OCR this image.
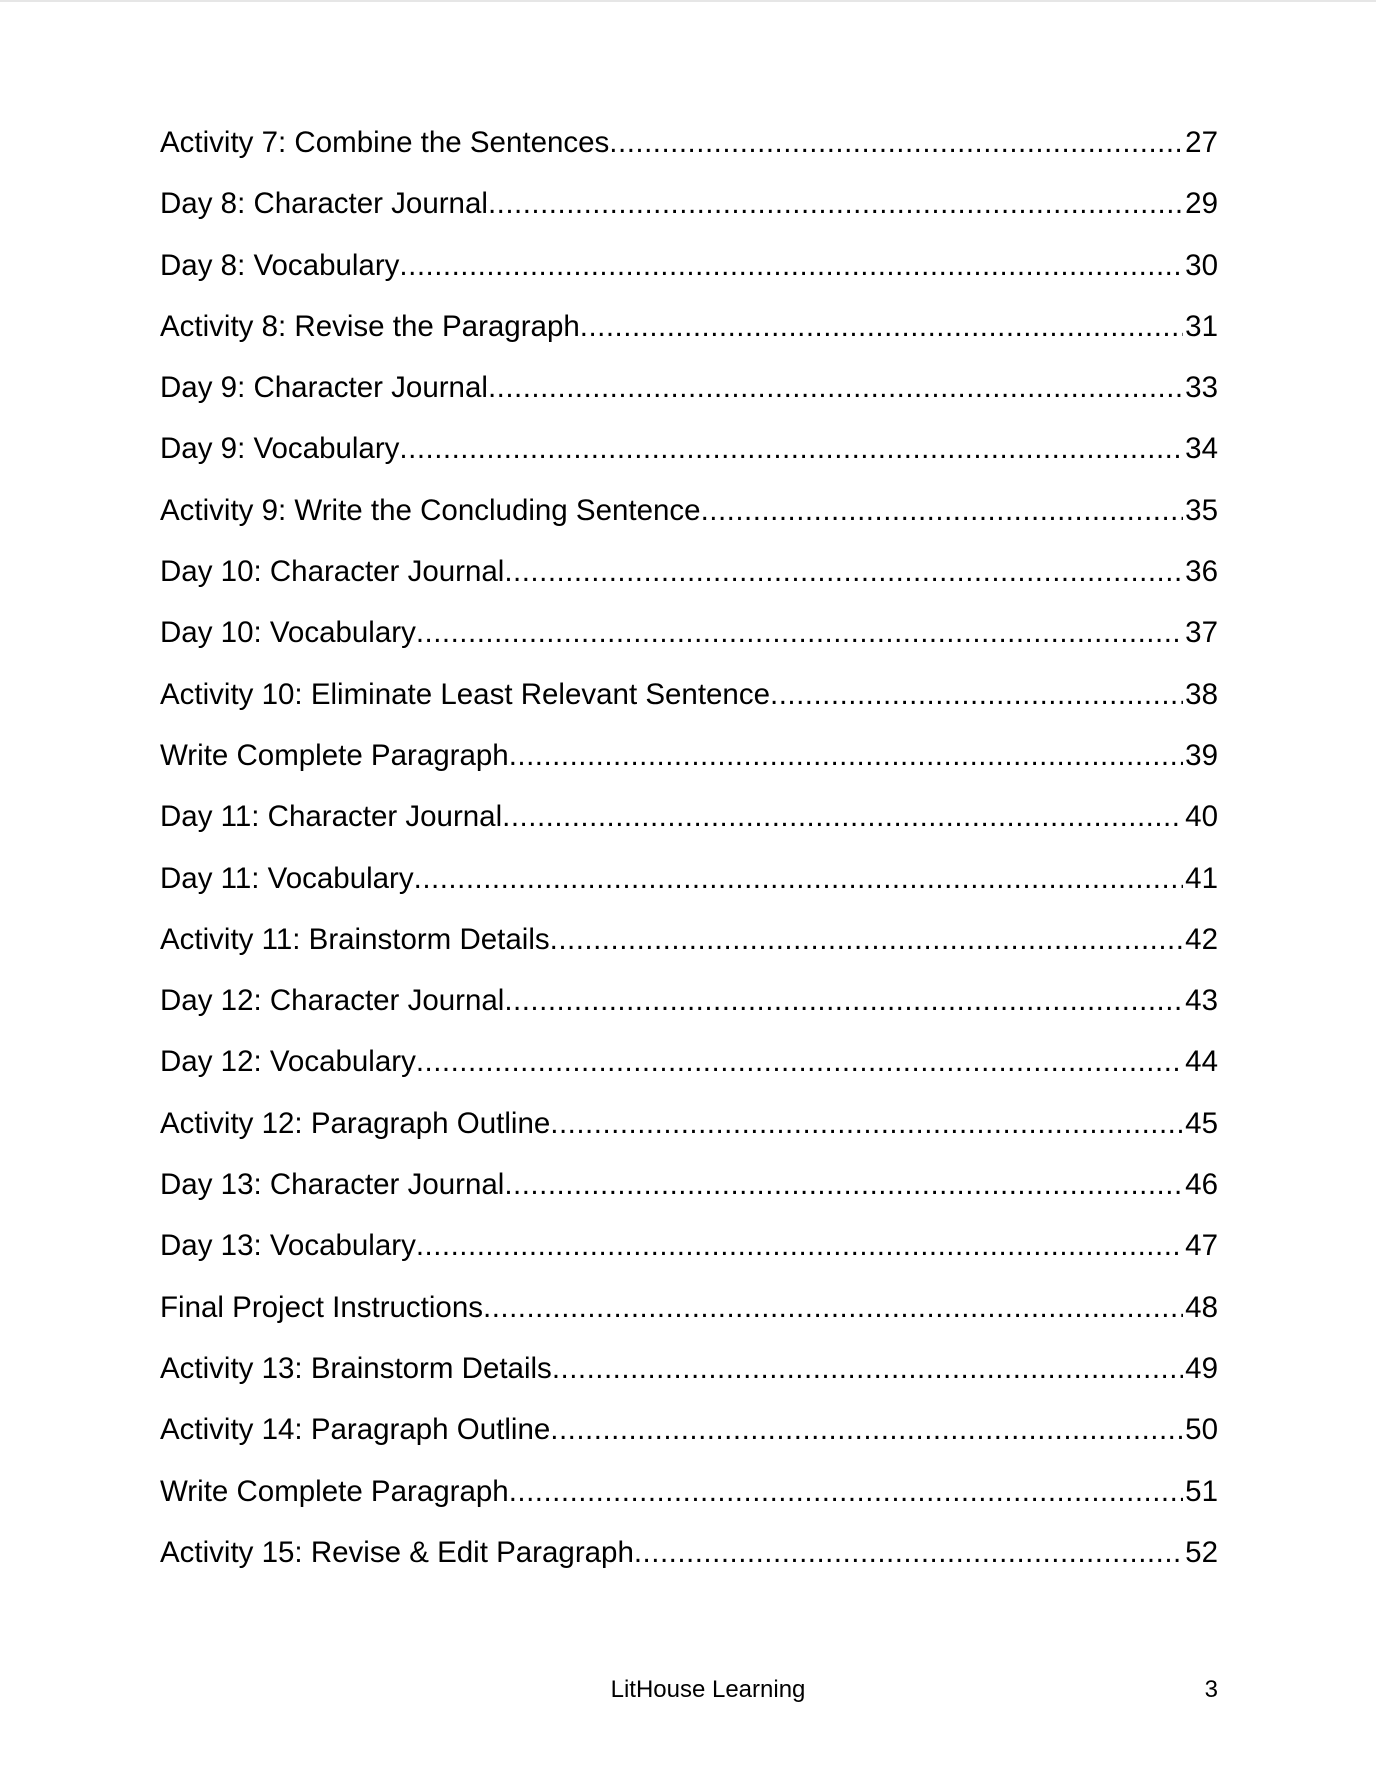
Activity 7: Combine the Sentences .....	27
Day 8: Character Journal .....	29
Day 8: Vocabulary .....	30
Activity 8: Revise the Paragraph .....	31
Day 9: Character Journal .....	33
Day 9: Vocabulary .....	34
Activity 9: Write the Concluding Sentence .....	35
Day 10: Character Journal .....	36
Day 10: Vocabulary .....	37
Activity 10: Eliminate Least Relevant Sentence .....	38
Write Complete Paragraph .....	39
Day 11: Character Journal .....	40
Day 11: Vocabulary .....	41
Activity 11: Brainstorm Details .....	42
Day 12: Character Journal .....	43
Day 12: Vocabulary .....	44
Activity 12: Paragraph Outline .....	45
Day 13: Character Journal .....	46
Day 13: Vocabulary .....	47
Final Project Instructions .....	48
Activity 13: Brainstorm Details .....	49
Activity 14: Paragraph Outline .....	50
Write Complete Paragraph .....	51
Activity 15: Revise & Edit Paragraph .....	52
LitHouse Learning	3
